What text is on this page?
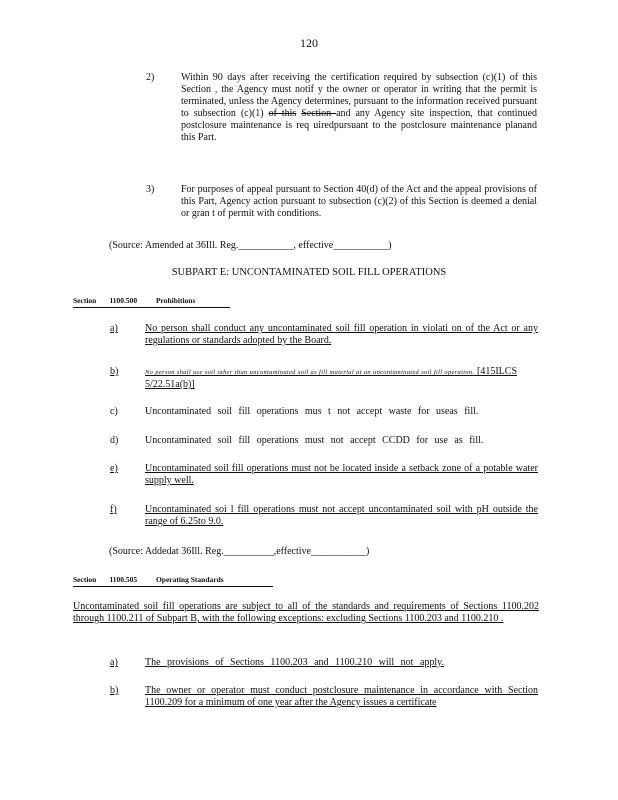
120
2)	Within 90 days after receiving the certification required by subsection (c)(1) of this Section , the Agency must notif y the owner or operator in writing that the permit is terminated, unless the Agency determines, pursuant to the information received pursuant to subsection (c)(1) of this Section and any Agency site inspection, that continued postclosure maintenance is req uiredpursuant to the postclosure maintenance planand this Part.
3)	For purposes of appeal pursuant to Section 40(d) of the Act and the appeal provisions of this Part, Agency action pursuant to subsection (c)(2) of this Section is deemed a denial or gran t of permit with conditions.
(Source: Amended at 36Ill. Reg.___________, effective___________)
SUBPART E: UNCONTAMINATED SOIL FILL OPERATIONS
Section 1100.500	Prohibitions
a)	No person shall conduct any uncontaminated soil fill operation in violati on of the Act or any regulations or standards adopted by the Board.
b)	No person shall use soil other than uncontaminated soil as fill material at an uncontaminated soil fill operation. [415ILCS 5/22.51a(b)]
c)	Uncontaminated soil fill operations mus t not accept waste for useas fill.
d)	Uncontaminated soil fill operations must not accept CCDD for use as fill.
e)	Uncontaminated soil fill operations must not be located inside a setback zone of a potable water supply well.
f)	Uncontaminated soi l fill operations must not accept uncontaminated soil with pH outside the range of 6.25to 9.0.
(Source: Addedat 36Ill. Reg.__________,effective___________)
Section 1100.505	Operating Standards
Uncontaminated soil fill operations are subject to all of the standards and requirements of Sections 1100.202 through 1100.211 of Subpart B, with the following exceptions: excluding Sections 1100.203 and 1100.210 .
a)	The provisions of Sections 1100.203 and 1100.210 will not apply.
b)	The owner or operator must conduct postclosure maintenance in accordance with Section 1100.209 for a minimum of one year after the Agency issues a certificate
